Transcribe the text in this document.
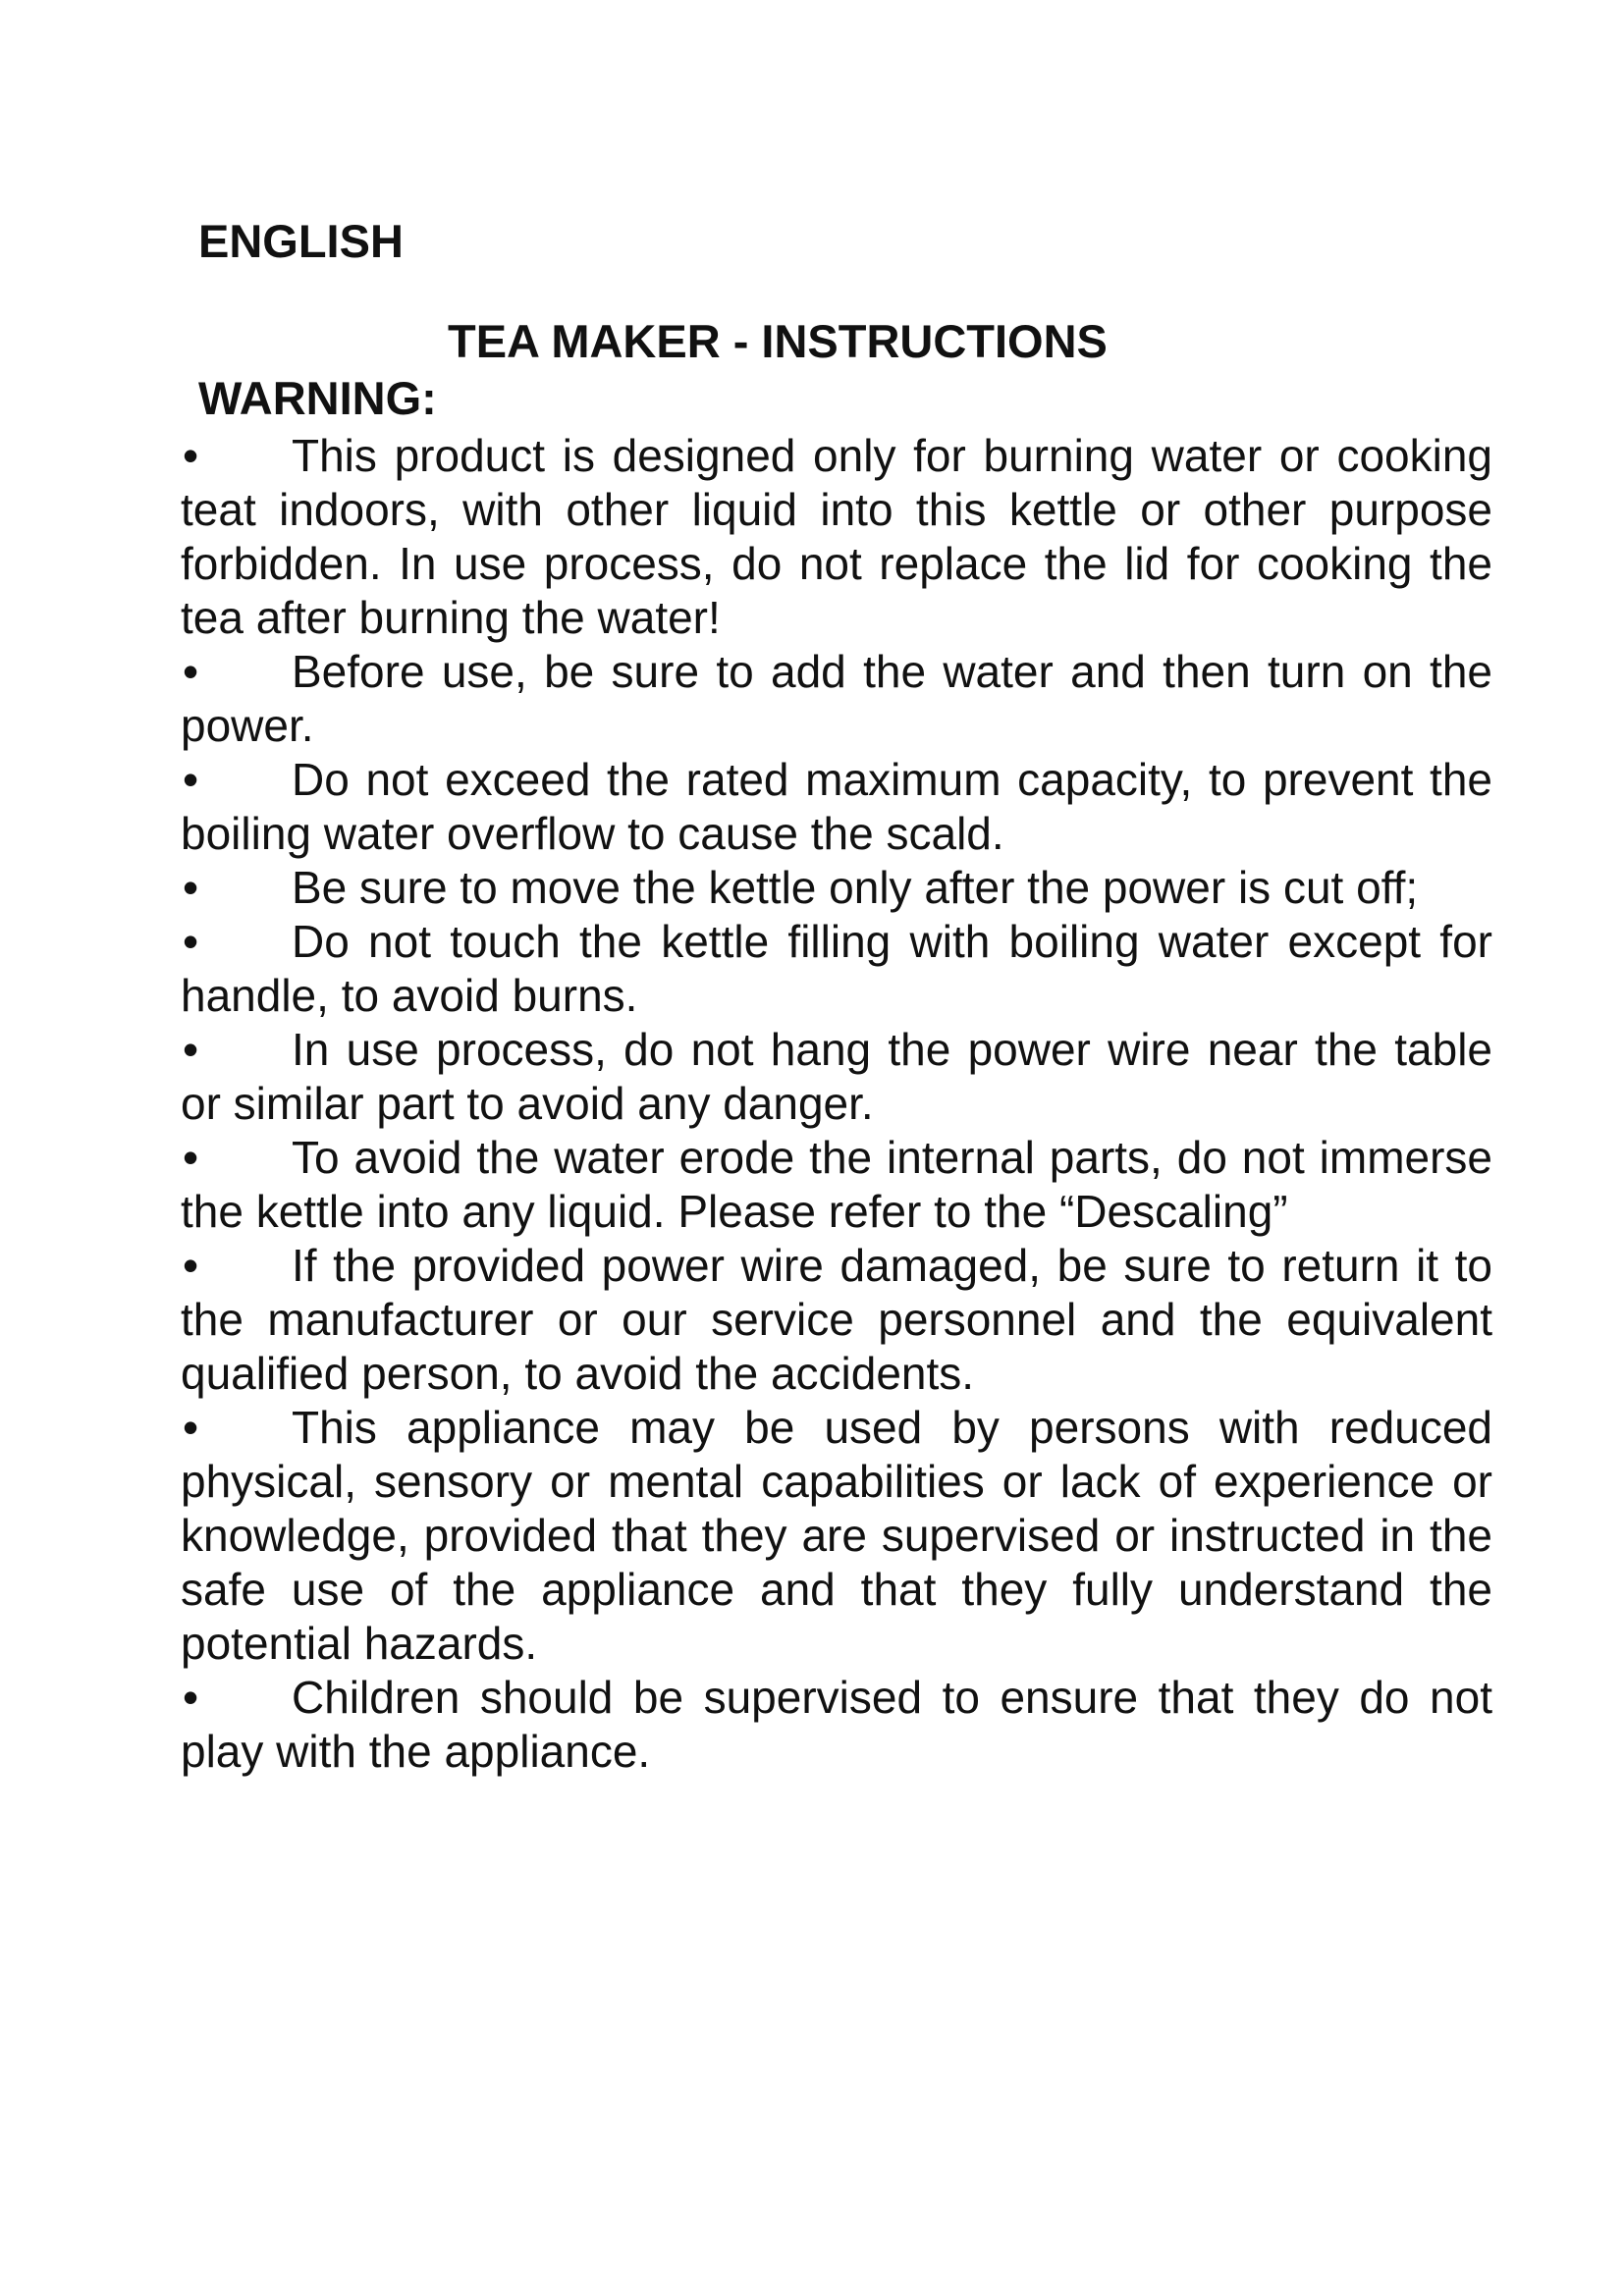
ENGLISH
TEA MAKER - INSTRUCTIONS
WARNING:
• This product is designed only for burning water or cooking teat indoors, with other liquid into this kettle or other purpose forbidden. In use process, do not replace the lid for cooking the tea after burning the water!
• Before use, be sure to add the water and then turn on the power.
• Do not exceed the rated maximum capacity, to prevent the boiling water overflow to cause the scald.
• Be sure to move the kettle only after the power is cut off;
• Do not touch the kettle filling with boiling water except for handle, to avoid burns.
• In use process, do not hang the power wire near the table or similar part to avoid any danger.
• To avoid the water erode the internal parts, do not immerse the kettle into any liquid. Please refer to the “Descaling”
• If the provided power wire damaged, be sure to return it to the manufacturer or our service personnel and the equivalent qualified person, to avoid the accidents.
• This appliance may be used by persons with reduced physical, sensory or mental capabilities or lack of experience or knowledge, provided that they are supervised or instructed in the safe use of the appliance and that they fully understand the potential hazards.
• Children should be supervised to ensure that they do not play with the appliance.
